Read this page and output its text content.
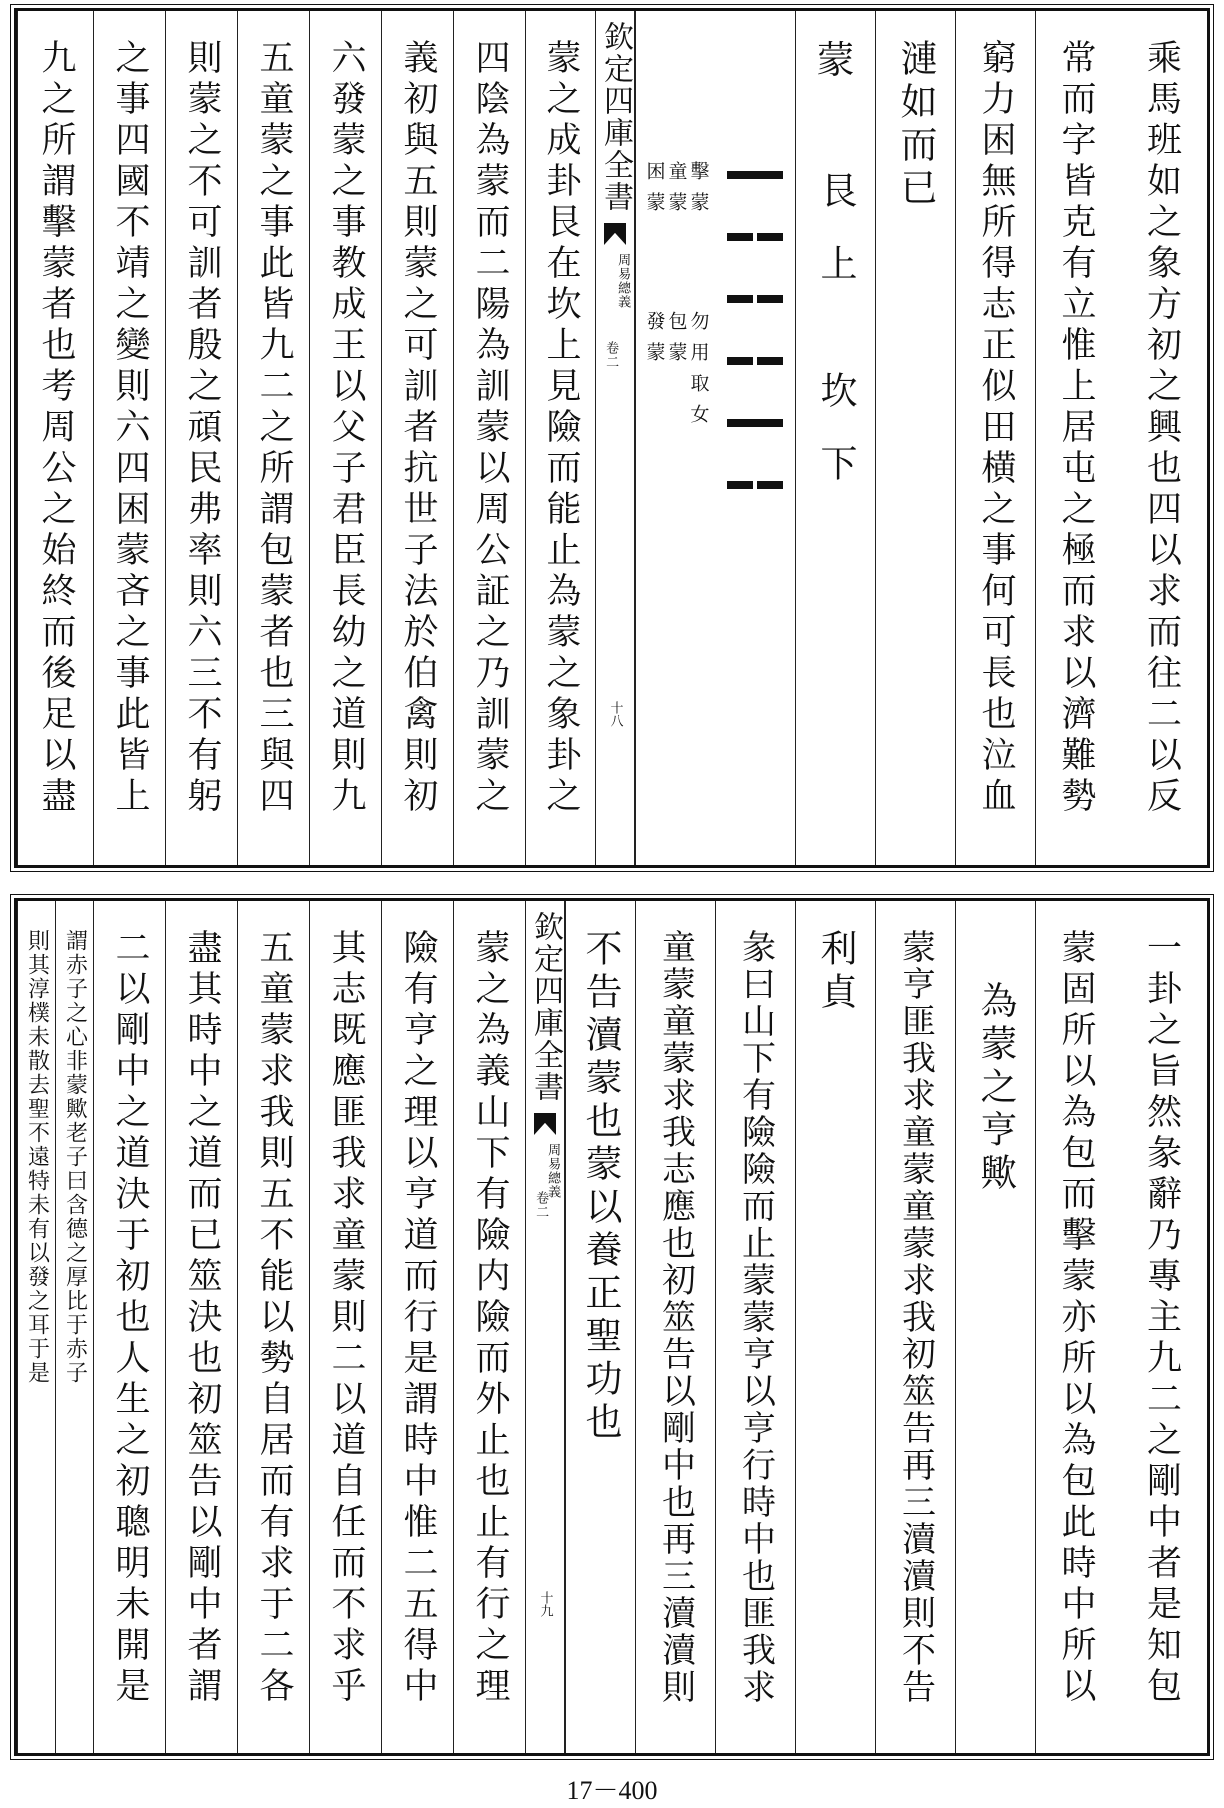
乘馬班如之象方初之興也四以求而往二以反
常而字皆克有立惟上居屯之極而求以濟難勢
窮力困無所得志正似田横之事何可長也泣血
漣如而已
蒙
艮上
坎下
擊蒙
勿用取女
童蒙
包蒙
困蒙
發蒙
欽定四庫全書
周易總義
卷二
十八
蒙之成卦艮在坎上見險而能止為蒙之象卦之
四陰為蒙而二陽為訓蒙以周公証之乃訓蒙之
義初與五則蒙之可訓者抗世子法於伯禽則初
六發蒙之事教成王以父子君臣長幼之道則九
五童蒙之事此皆九二之所謂包蒙者也三與四
則蒙之不可訓者殷之頑民弗率則六三不有躬
之事四國不靖之變則六四困蒙吝之事此皆上
九之所謂擊蒙者也考周公之始終而後足以盡
一卦之旨然彖辭乃專主九二之剛中者是知包
蒙固所以為包而擊蒙亦所以為包此時中所以
為蒙之亨歟
蒙亨匪我求童蒙童蒙求我初筮告再三瀆瀆則不告
利貞
彖曰山下有險險而止蒙蒙亨以亨行時中也匪我求
童蒙童蒙求我志應也初筮告以剛中也再三瀆瀆則
不告瀆蒙也蒙以養正聖功也
欽定四庫全書
周易總義
卷二
十九
蒙之為義山下有險内險而外止也止有行之理
險有亨之理以亨道而行是謂時中惟二五得中
其志既應匪我求童蒙則二以道自任而不求乎
五童蒙求我則五不能以勢自居而有求于二各
盡其時中之道而已筮決也初筮告以剛中者謂
二以剛中之道決于初也人生之初聰明未開是
謂赤子之心非蒙歟老子曰含德之厚比于赤子
則其淳樸未散去聖不遠特未有以發之耳于是
17－400
